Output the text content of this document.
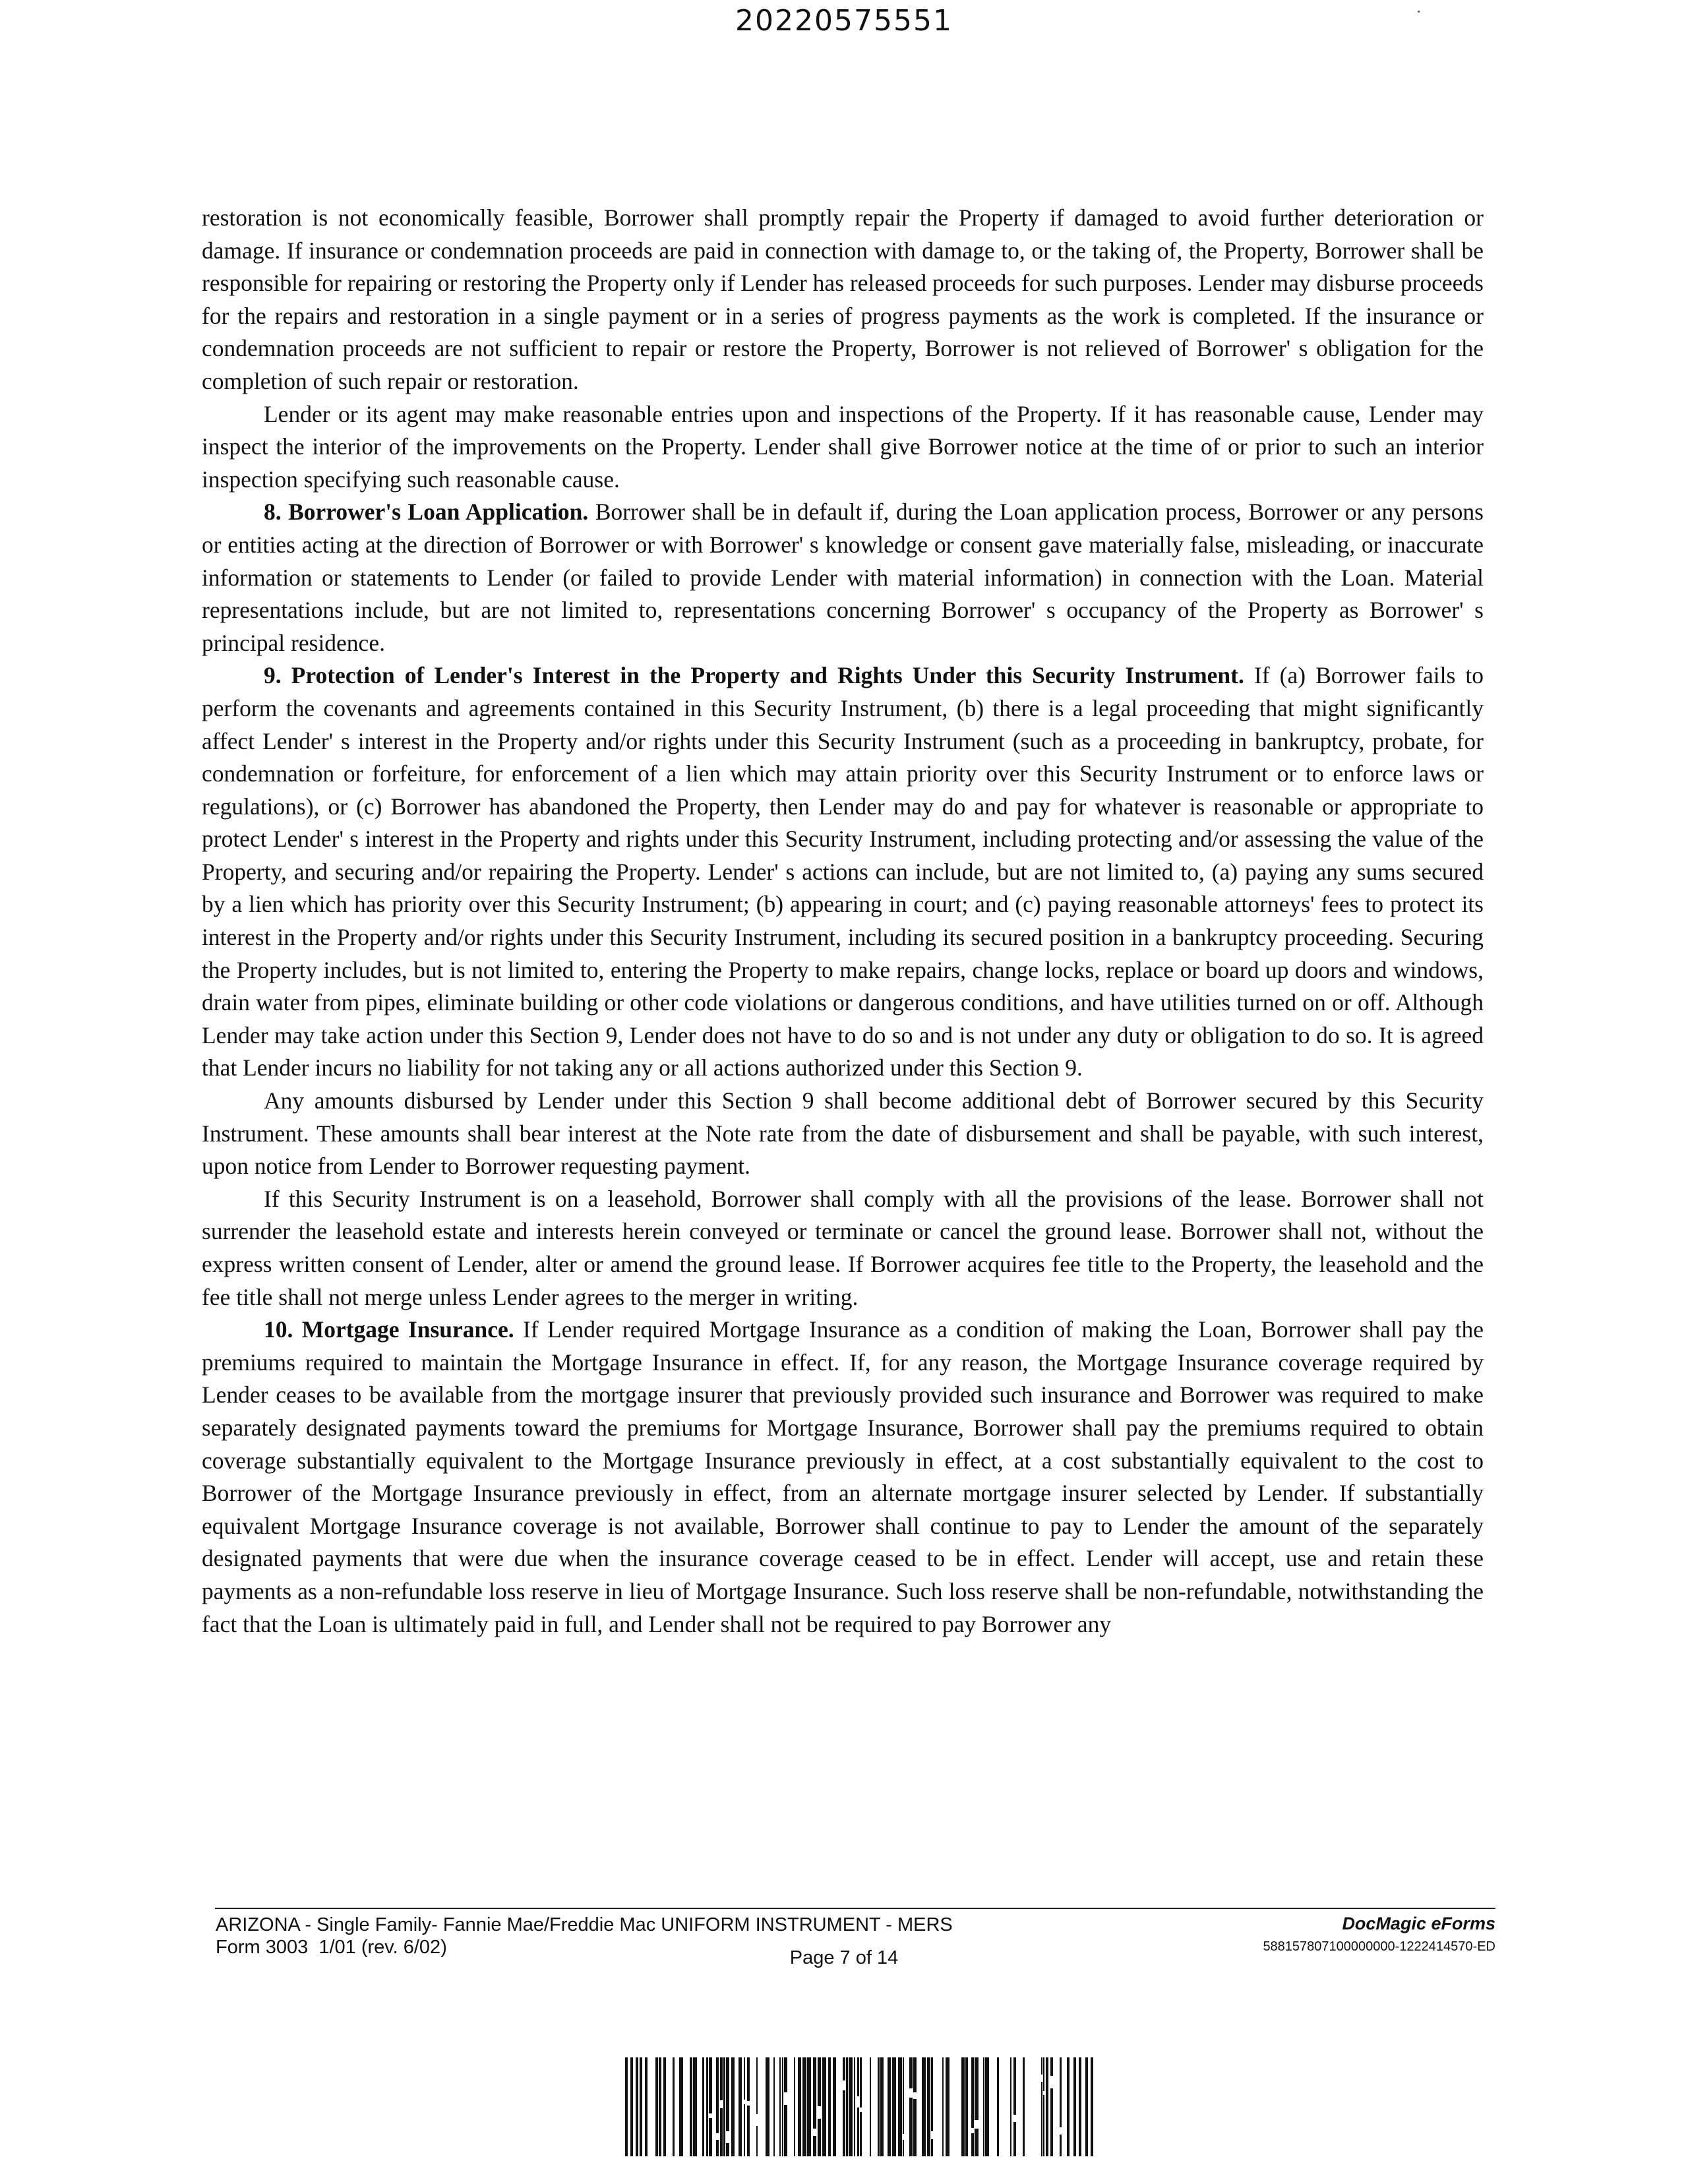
20220575551

restoration is not economically feasible, Borrower shall promptly repair the Property if damaged to avoid further deterioration or damage. If insurance or condemnation proceeds are paid in connection with damage to, or the taking of, the Property, Borrower shall be responsible for repairing or restoring the Property only if Lender has released proceeds for such purposes. Lender may disburse proceeds for the repairs and restoration in a single payment or in a series of progress payments as the work is completed. If the insurance or condemnation proceeds are not sufficient to repair or restore the Property, Borrower is not relieved of Borrower' s obligation for the completion of such repair or restoration.

Lender or its agent may make reasonable entries upon and inspections of the Property. If it has reasonable cause, Lender may inspect the interior of the improvements on the Property. Lender shall give Borrower notice at the time of or prior to such an interior inspection specifying such reasonable cause.

8. Borrower's Loan Application. Borrower shall be in default if, during the Loan application process, Borrower or any persons or entities acting at the direction of Borrower or with Borrower' s knowledge or consent gave materially false, misleading, or inaccurate information or statements to Lender (or failed to provide Lender with material information) in connection with the Loan. Material representations include, but are not limited to, representations concerning Borrower' s occupancy of the Property as Borrower' s principal residence.

9. Protection of Lender's Interest in the Property and Rights Under this Security Instrument. If (a) Borrower fails to perform the covenants and agreements contained in this Security Instrument, (b) there is a legal proceeding that might significantly affect Lender' s interest in the Property and/or rights under this Security Instrument (such as a proceeding in bankruptcy, probate, for condemnation or forfeiture, for enforcement of a lien which may attain priority over this Security Instrument or to enforce laws or regulations), or (c) Borrower has abandoned the Property, then Lender may do and pay for whatever is reasonable or appropriate to protect Lender' s interest in the Property and rights under this Security Instrument, including protecting and/or assessing the value of the Property, and securing and/or repairing the Property. Lender' s actions can include, but are not limited to, (a) paying any sums secured by a lien which has priority over this Security Instrument; (b) appearing in court; and (c) paying reasonable attorneys' fees to protect its interest in the Property and/or rights under this Security Instrument, including its secured position in a bankruptcy proceeding. Securing the Property includes, but is not limited to, entering the Property to make repairs, change locks, replace or board up doors and windows, drain water from pipes, eliminate building or other code violations or dangerous conditions, and have utilities turned on or off. Although Lender may take action under this Section 9, Lender does not have to do so and is not under any duty or obligation to do so. It is agreed that Lender incurs no liability for not taking any or all actions authorized under this Section 9.

Any amounts disbursed by Lender under this Section 9 shall become additional debt of Borrower secured by this Security Instrument. These amounts shall bear interest at the Note rate from the date of disbursement and shall be payable, with such interest, upon notice from Lender to Borrower requesting payment.

If this Security Instrument is on a leasehold, Borrower shall comply with all the provisions of the lease. Borrower shall not surrender the leasehold estate and interests herein conveyed or terminate or cancel the ground lease. Borrower shall not, without the express written consent of Lender, alter or amend the ground lease. If Borrower acquires fee title to the Property, the leasehold and the fee title shall not merge unless Lender agrees to the merger in writing.

10. Mortgage Insurance. If Lender required Mortgage Insurance as a condition of making the Loan, Borrower shall pay the premiums required to maintain the Mortgage Insurance in effect. If, for any reason, the Mortgage Insurance coverage required by Lender ceases to be available from the mortgage insurer that previously provided such insurance and Borrower was required to make separately designated payments toward the premiums for Mortgage Insurance, Borrower shall pay the premiums required to obtain coverage substantially equivalent to the Mortgage Insurance previously in effect, at a cost substantially equivalent to the cost to Borrower of the Mortgage Insurance previously in effect, from an alternate mortgage insurer selected by Lender. If substantially equivalent Mortgage Insurance coverage is not available, Borrower shall continue to pay to Lender the amount of the separately designated payments that were due when the insurance coverage ceased to be in effect. Lender will accept, use and retain these payments as a non-refundable loss reserve in lieu of Mortgage Insurance. Such loss reserve shall be non-refundable, notwithstanding the fact that the Loan is ultimately paid in full, and Lender shall not be required to pay Borrower any

ARIZONA - Single Family- Fannie Mae/Freddie Mac UNIFORM INSTRUMENT - MERS
Form 3003  1/01 (rev. 6/02)	Page 7 of 14
DocMagic eForms
588157807100000000-1222414570-ED
